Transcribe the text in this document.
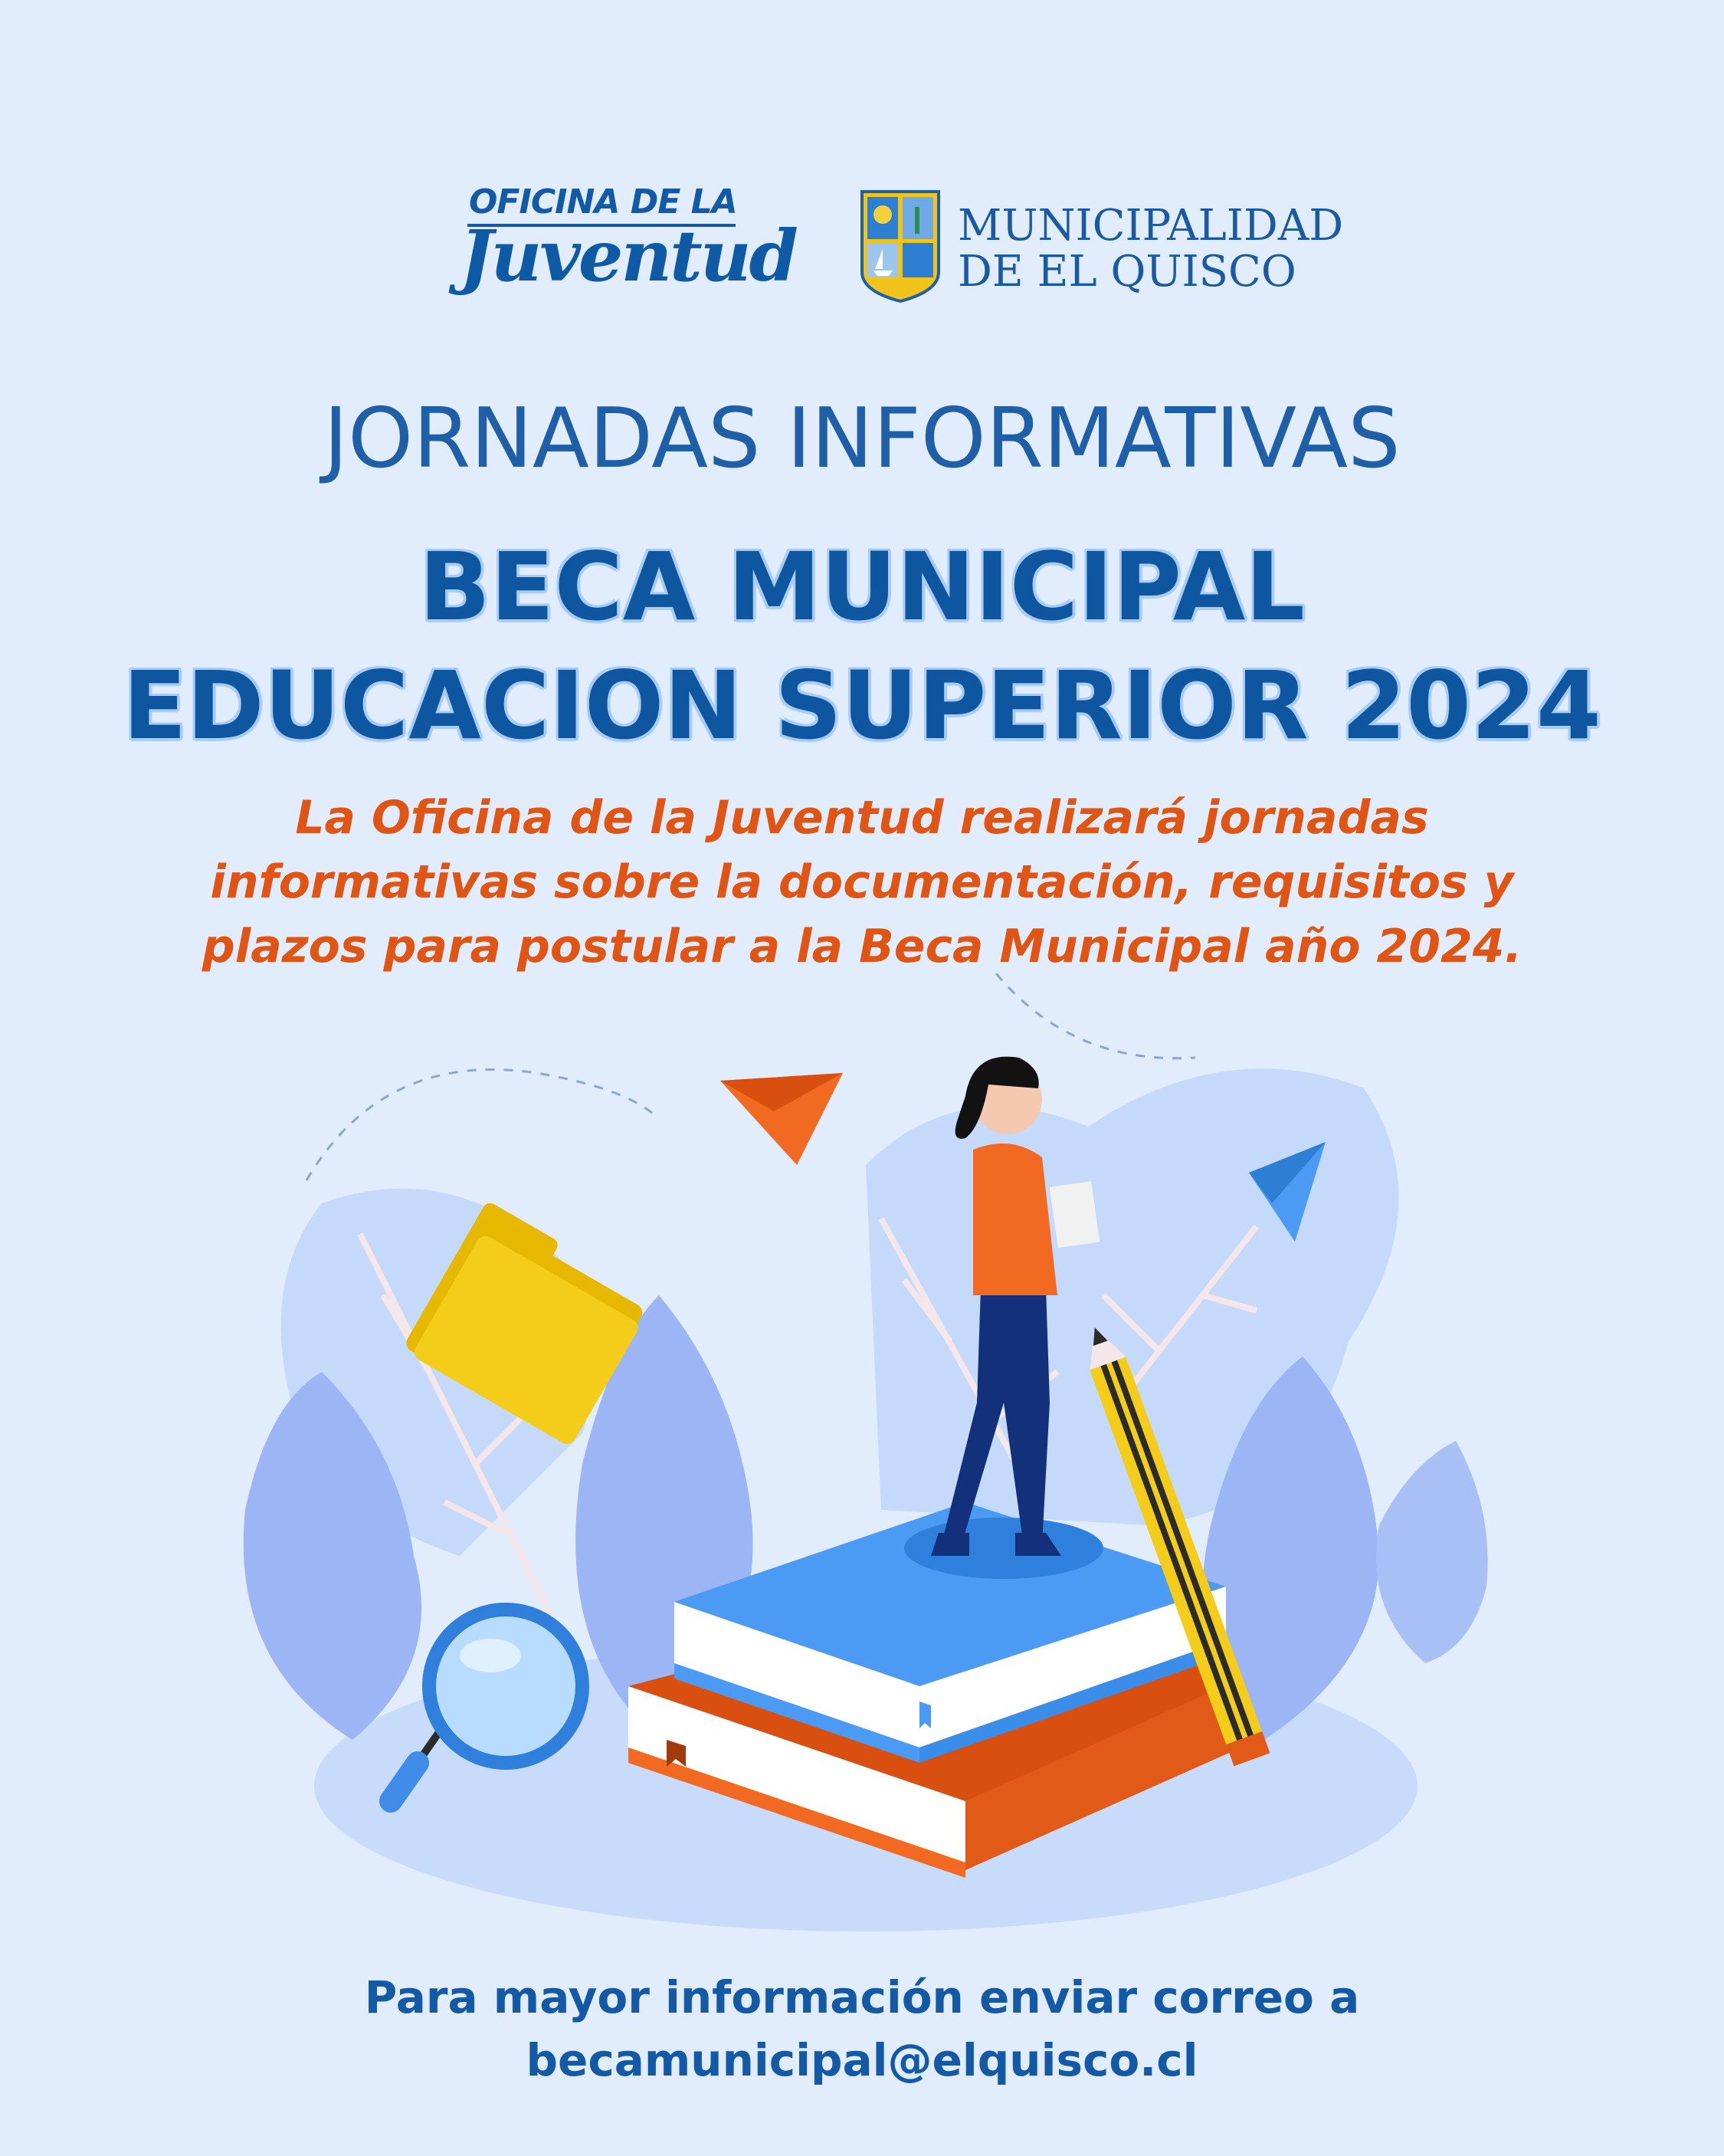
OFICINA DE LA
Juventud	MUNICIPALIDAD
DE EL QUISCO
JORNADAS INFORMATIVAS
BECA MUNICIPAL
EDUCACION SUPERIOR 2024
La Oficina de la Juventud realizará jornadas
informativas sobre la documentación, requisitos y
plazos para postular a la Beca Municipal año 2024.
Para mayor información enviar correo a
becamunicipal@elquisco.cl
